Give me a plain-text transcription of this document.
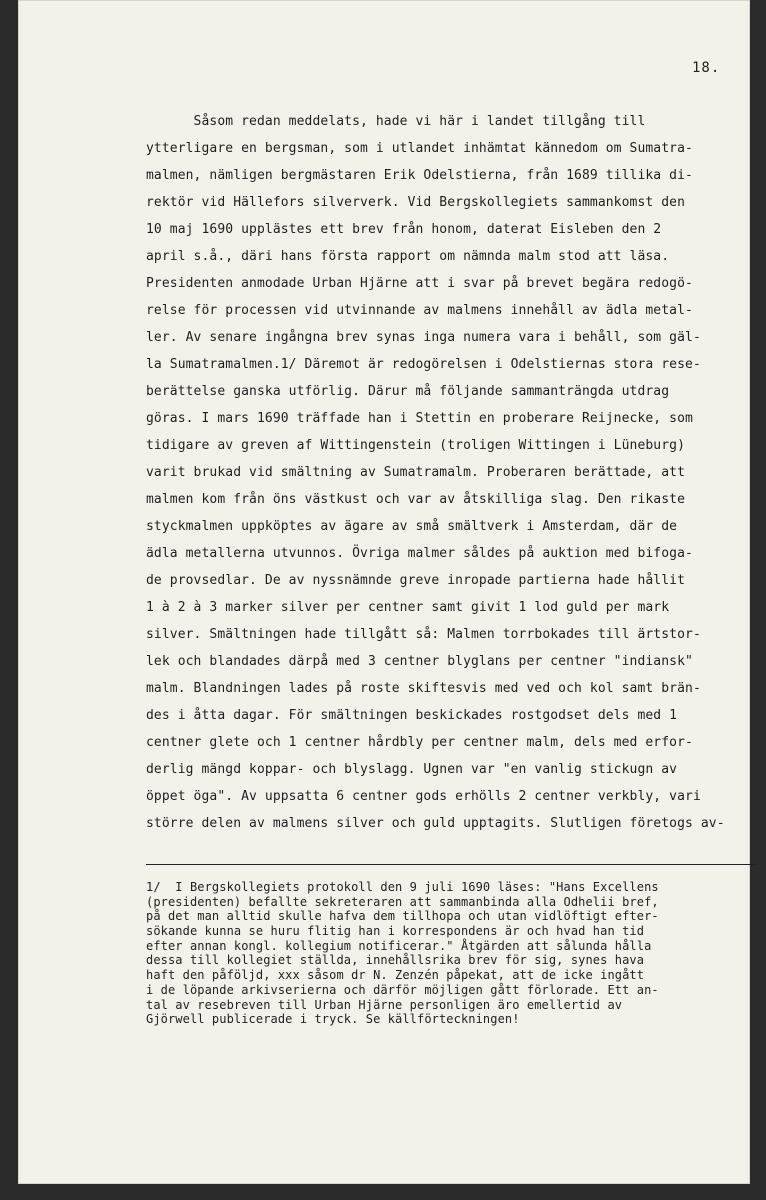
18.
Såsom redan meddelats, hade vi här i landet tillgång till
ytterligare en bergsman, som i utlandet inhämtat kännedom om Sumatra-
malmen, nämligen bergmästaren Erik Odelstierna, från 1689 tillika di-
rektör vid Hällefors silververk. Vid Bergskollegiets sammankomst den
10 maj 1690 upplästes ett brev från honom, daterat Eisleben den 2
april s.å., däri hans första rapport om nämnda malm stod att läsa.
Presidenten anmodade Urban Hjärne att i svar på brevet begära redogö-
relse för processen vid utvinnande av malmens innehåll av ädla metal-
ler. Av senare ingångna brev synas inga numera vara i behåll, som gäl-
la Sumatramalmen.1/ Däremot är redogörelsen i Odelstiernas stora rese-
berättelse ganska utförlig. Därur må följande sammanträngda utdrag
göras. I mars 1690 träffade han i Stettin en proberare Reijnecke, som
tidigare av greven af Wittingenstein (troligen Wittingen i Lüneburg)
varit brukad vid smältning av Sumatramalm. Proberaren berättade, att
malmen kom från öns västkust och var av åtskilliga slag. Den rikaste
styckmalmen uppköptes av ägare av små smältverk i Amsterdam, där de
ädla metallerna utvunnos. Övriga malmer såldes på auktion med bifoga-
de provsedlar. De av nyssnämnde greve inropade partierna hade hållit
1 à 2 à 3 marker silver per centner samt givit 1 lod guld per mark
silver. Smältningen hade tillgått så: Malmen torrbokades till ärtstor-
lek och blandades därpå med 3 centner blyglans per centner "indiansk"
malm. Blandningen lades på roste skiftesvis med ved och kol samt brän-
des i åtta dagar. För smältningen beskickades rostgodset dels med 1
centner glete och 1 centner hårdbly per centner malm, dels med erfor-
derlig mängd koppar- och blyslagg. Ugnen var "en vanlig stickugn av
öppet öga". Av uppsatta 6 centner gods erhölls 2 centner verkbly, vari
större delen av malmens silver och guld upptagits. Slutligen företogs av-
1/  I Bergskollegiets protokoll den 9 juli 1690 läses: "Hans Excellens
(presidenten) befallte sekreteraren att sammanbinda alla Odhelii bref,
på det man alltid skulle hafva dem tillhopa och utan vidlöftigt efter-
sökande kunna se huru flitig han i korrespondens är och hvad han tid
efter annan kongl. kollegium notificerar." Åtgärden att sålunda hålla
dessa till kollegiet ställda, innehållsrika brev för sig, synes hava
haft den påföljd, xxx såsom dr N. Zenzén påpekat, att de icke ingått
i de löpande arkivserierna och därför möjligen gått förlorade. Ett an-
tal av resebreven till Urban Hjärne personligen äro emellertid av
Gjörwell publicerade i tryck. Se källförteckningen!
